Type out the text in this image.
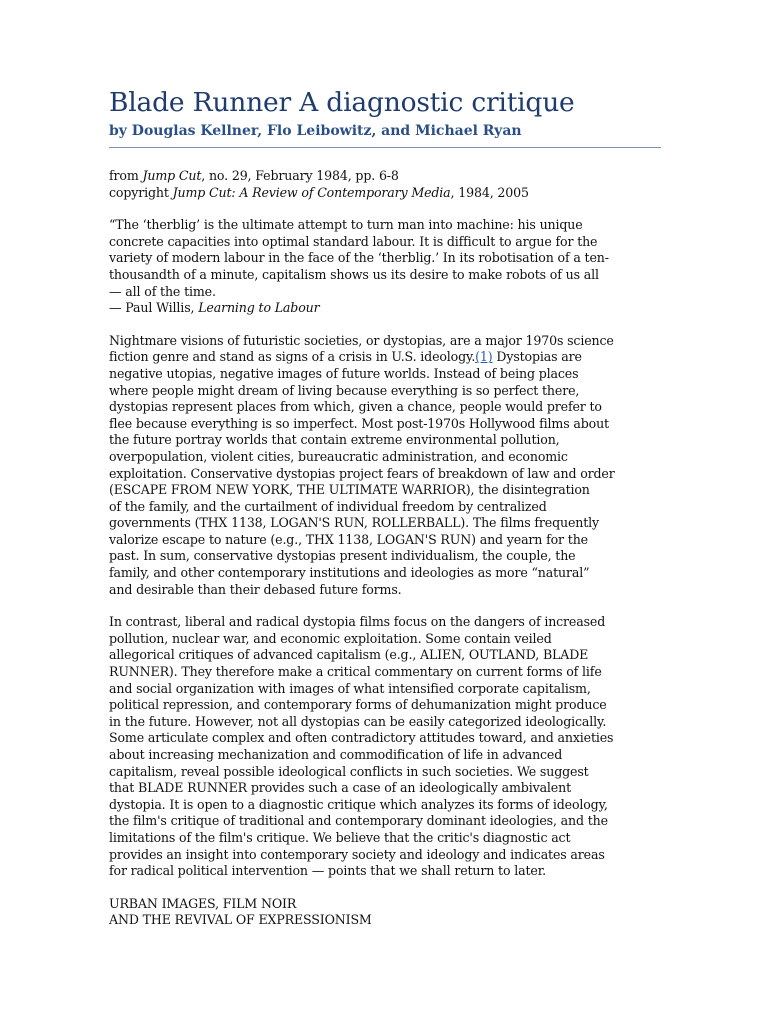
Blade Runner A diagnostic critique
by Douglas Kellner, Flo Leibowitz, and Michael Ryan
from Jump Cut, no. 29, February 1984, pp. 6-8
copyright Jump Cut: A Review of Contemporary Media, 1984, 2005
“The ‘therblig’ is the ultimate attempt to turn man into machine: his unique
concrete capacities into optimal standard labour. It is difficult to argue for the
variety of modern labour in the face of the ‘therblig.’ In its robotisation of a ten-
thousandth of a minute, capitalism shows us its desire to make robots of us all
— all of the time.
— Paul Willis, Learning to Labour
Nightmare visions of futuristic societies, or dystopias, are a major 1970s science
fiction genre and stand as signs of a crisis in U.S. ideology.(1) Dystopias are
negative utopias, negative images of future worlds. Instead of being places
where people might dream of living because everything is so perfect there,
dystopias represent places from which, given a chance, people would prefer to
flee because everything is so imperfect. Most post-1970s Hollywood films about
the future portray worlds that contain extreme environmental pollution,
overpopulation, violent cities, bureaucratic administration, and economic
exploitation. Conservative dystopias project fears of breakdown of law and order
(ESCAPE FROM NEW YORK, THE ULTIMATE WARRIOR), the disintegration
of the family, and the curtailment of individual freedom by centralized
governments (THX 1138, LOGAN'S RUN, ROLLERBALL). The films frequently
valorize escape to nature (e.g., THX 1138, LOGAN'S RUN) and yearn for the
past. In sum, conservative dystopias present individualism, the couple, the
family, and other contemporary institutions and ideologies as more “natural”
and desirable than their debased future forms.
In contrast, liberal and radical dystopia films focus on the dangers of increased
pollution, nuclear war, and economic exploitation. Some contain veiled
allegorical critiques of advanced capitalism (e.g., ALIEN, OUTLAND, BLADE
RUNNER). They therefore make a critical commentary on current forms of life
and social organization with images of what intensified corporate capitalism,
political repression, and contemporary forms of dehumanization might produce
in the future. However, not all dystopias can be easily categorized ideologically.
Some articulate complex and often contradictory attitudes toward, and anxieties
about increasing mechanization and commodification of life in advanced
capitalism, reveal possible ideological conflicts in such societies. We suggest
that BLADE RUNNER provides such a case of an ideologically ambivalent
dystopia. It is open to a diagnostic critique which analyzes its forms of ideology,
the film's critique of traditional and contemporary dominant ideologies, and the
limitations of the film's critique. We believe that the critic's diagnostic act
provides an insight into contemporary society and ideology and indicates areas
for radical political intervention — points that we shall return to later.
URBAN IMAGES, FILM NOIR
AND THE REVIVAL OF EXPRESSIONISM
